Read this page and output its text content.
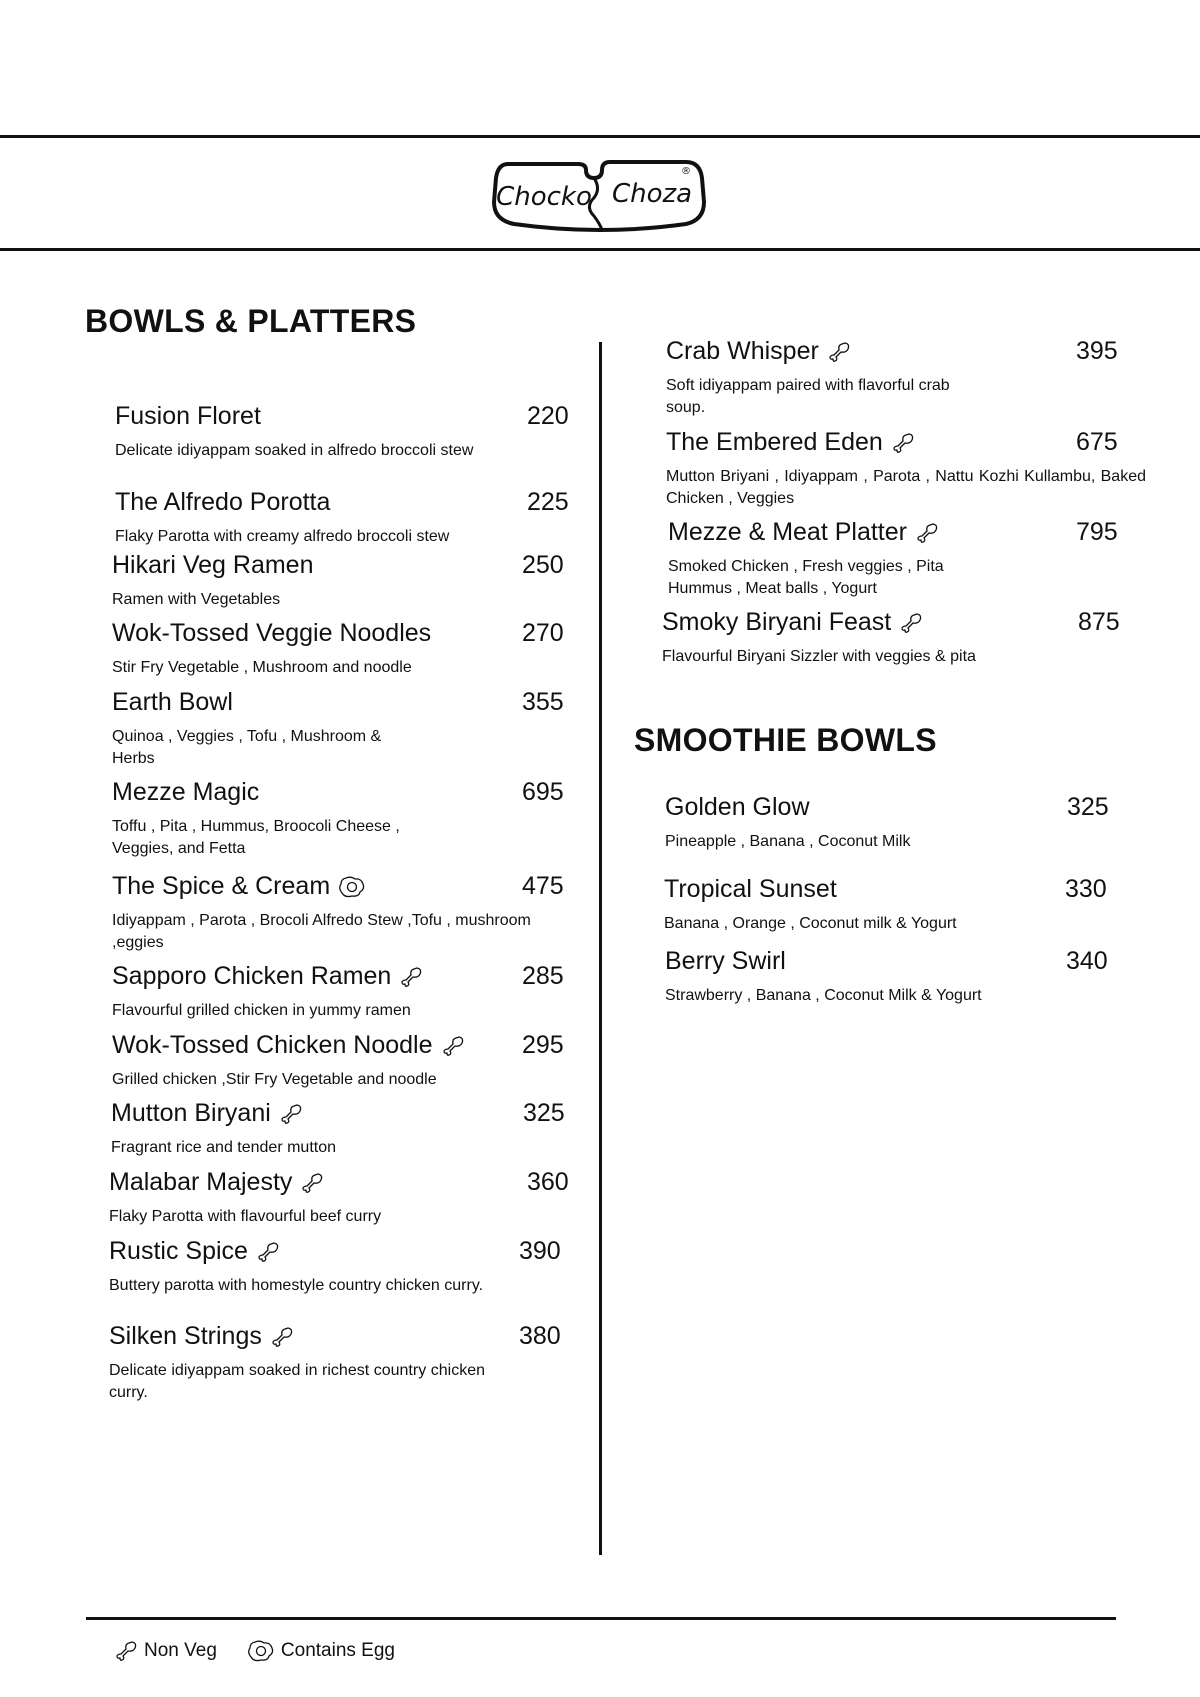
Chocko Choza
®
BOWLS & PLATTERS
Fusion Floret	220
Delicate idiyappam soaked in alfredo broccoli stew
The Alfredo Porotta	225
Flaky Parotta with creamy alfredo broccoli stew
Hikari Veg Ramen	250
Ramen with Vegetables
Wok-Tossed Veggie Noodles	270
Stir Fry Vegetable , Mushroom and noodle
Earth Bowl	355
Quinoa , Veggies , Tofu , Mushroom & Herbs
Mezze Magic	695
Toffu , Pita , Hummus, Broocoli Cheese , Veggies, and Fetta
The Spice & Cream	475
Idiyappam , Parota , Brocoli Alfredo Stew ,Tofu , mushroom ,eggies
Sapporo Chicken Ramen	285
Flavourful grilled chicken in yummy ramen
Wok-Tossed Chicken Noodle	295
Grilled chicken ,Stir Fry Vegetable and noodle
Mutton Biryani	325
Fragrant rice and tender mutton
Malabar Majesty	360
Flaky Parotta with flavourful beef curry
Rustic Spice	390
Buttery parotta with homestyle country chicken curry.
Silken Strings	380
Delicate idiyappam soaked in richest country chicken curry.
Crab Whisper	395
Soft idiyappam paired with flavorful crab soup.
The Embered Eden	675
Mutton Briyani , Idiyappam , Parota , Nattu Kozhi Kullambu, Baked Chicken , Veggies
Mezze & Meat Platter	795
Smoked Chicken , Fresh veggies , Pita Hummus , Meat balls , Yogurt
Smoky Biryani Feast	875
Flavourful Biryani Sizzler with veggies & pita
SMOOTHIE BOWLS
Golden Glow	325
Pineapple , Banana , Coconut Milk
Tropical Sunset	330
Banana , Orange , Coconut milk & Yogurt
Berry Swirl	340
Strawberry , Banana , Coconut Milk & Yogurt
Non Veg	Contains Egg
